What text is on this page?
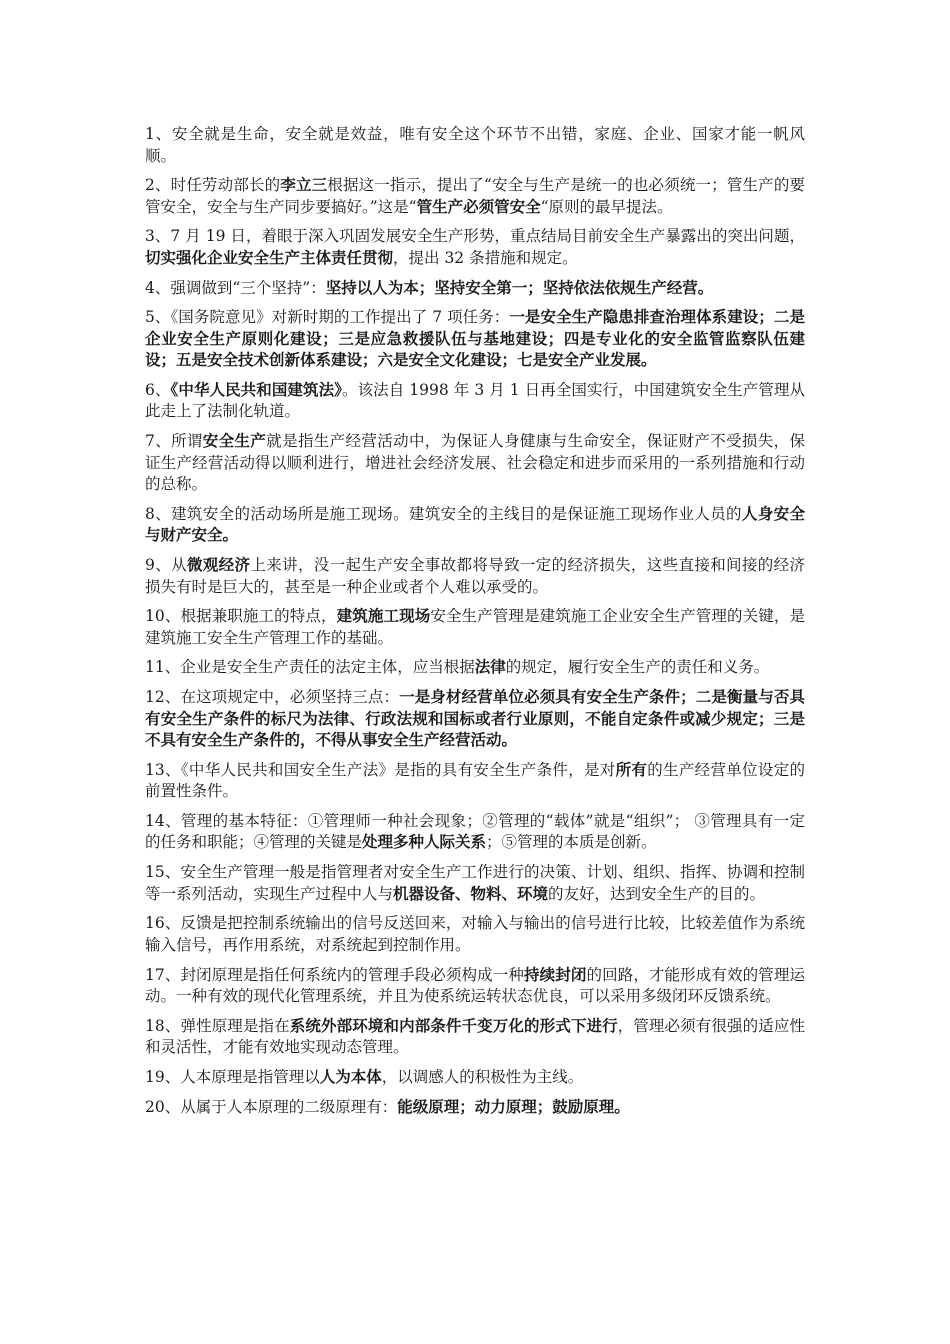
1、安全就是生命，安全就是效益，唯有安全这个环节不出错，家庭、企业、国家才能一帆风顺。

2、时任劳动部长的李立三根据这一指示，提出了“安全与生产是统一的也必须统一；管生产的要管安全，安全与生产同步要搞好。”这是“管生产必须管安全“原则的最早提法。

3、7 月 19 日，着眼于深入巩固发展安全生产形势，重点结局目前安全生产暴露出的突出问题，切实强化企业安全生产主体责任贯彻，提出 32 条措施和规定。

4、强调做到“三个坚持”：坚持以人为本；坚持安全第一；坚持依法依规生产经营。

5、《国务院意见》对新时期的工作提出了 7 项任务：一是安全生产隐患排查治理体系建设；二是企业安全生产原则化建设；三是应急救援队伍与基地建设；四是专业化的安全监管监察队伍建设；五是安全技术创新体系建设；六是安全文化建设；七是安全产业发展。

6、《中华人民共和国建筑法》。该法自 1998 年 3 月 1 日再全国实行，中国建筑安全生产管理从此走上了法制化轨道。

7、所谓安全生产就是指生产经营活动中，为保证人身健康与生命安全，保证财产不受损失，保证生产经营活动得以顺利进行，增进社会经济发展、社会稳定和进步而采用的一系列措施和行动的总称。

8、建筑安全的活动场所是施工现场。建筑安全的主线目的是保证施工现场作业人员的人身安全与财产安全。

9、从微观经济上来讲，没一起生产安全事故都将导致一定的经济损失，这些直接和间接的经济损失有时是巨大的，甚至是一种企业或者个人难以承受的。

10、根据兼职施工的特点，建筑施工现场安全生产管理是建筑施工企业安全生产管理的关键，是建筑施工安全生产管理工作的基础。

11、企业是安全生产责任的法定主体，应当根据法律的规定，履行安全生产的责任和义务。

12、在这项规定中，必须坚持三点：一是身材经营单位必须具有安全生产条件；二是衡量与否具有安全生产条件的标尺为法律、行政法规和国标或者行业原则，不能自定条件或减少规定；三是不具有安全生产条件的，不得从事安全生产经营活动。

13、《中华人民共和国安全生产法》是指的具有安全生产条件，是对所有的生产经营单位设定的前置性条件。

14、管理的基本特征：①管理师一种社会现象；②管理的“载体”就是“组织”； ③管理具有一定的任务和职能；④管理的关键是处理多种人际关系；⑤管理的本质是创新。

15、安全生产管理一般是指管理者对安全生产工作进行的决策、计划、组织、指挥、协调和控制等一系列活动，实现生产过程中人与机器设备、物料、环境的友好，达到安全生产的目的。

16、反馈是把控制系统输出的信号反送回来，对输入与输出的信号进行比较，比较差值作为系统输入信号，再作用系统，对系统起到控制作用。

17、封闭原理是指任何系统内的管理手段必须构成一种持续封闭的回路，才能形成有效的管理运动。一种有效的现代化管理系统，并且为使系统运转状态优良，可以采用多级闭环反馈系统。

18、弹性原理是指在系统外部环境和内部条件千变万化的形式下进行，管理必须有很强的适应性和灵活性，才能有效地实现动态管理。

19、人本原理是指管理以人为本体，以调感人的积极性为主线。

20、从属于人本原理的二级原理有：能级原理；动力原理；鼓励原理。
